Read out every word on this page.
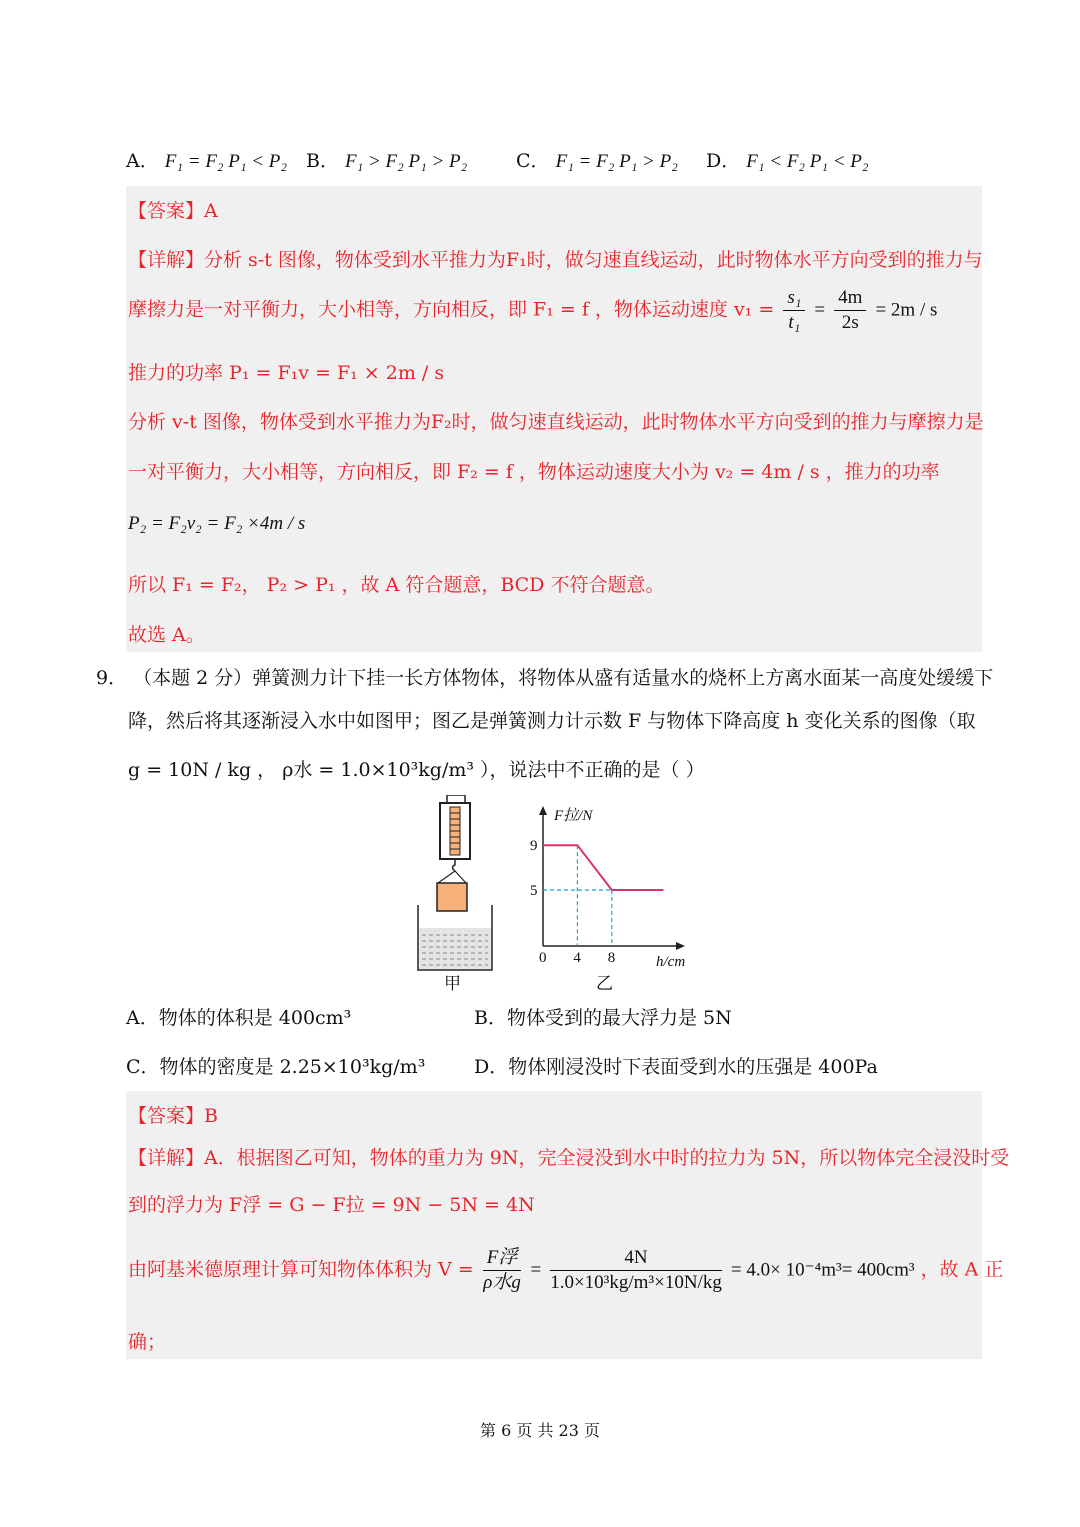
A． F₁ = F₂ P₁ < P₂ B． F₁ > F₂ P₁ > P₂	C． F₁ = F₂ P₁ > P₂ D． F₁ < F₂ P₁ < P₂
【答案】A
【详解】分析 s-t 图像，物体受到水平推力为F₁时，做匀速直线运动，此时物体水平方向受到的推力与
摩擦力是一对平衡力，大小相等，方向相反，即 F₁ = f ，物体运动速度 $v_1 = \frac{\text{s₁}}{\text{t₁}} = \frac{4m}{2s} = 2m / s$
推力的功率 P₁ = F₁v = F₁ × 2m / s
分析 v-t 图像，物体受到水平推力为F₂时，做匀速直线运动，此时物体水平方向受到的推力与摩擦力是
一对平衡力，大小相等，方向相反，即 F₂ = f ，物体运动速度大小为 v₂ = 4m / s ，推力的功率
P₂ = F₂v₂ = F₂ ×4m / s
所以 F₁ = F₂， P₂ > P₁ ，故 A 符合题意，BCD 不符合题意。
故选 A。
9． （本题 2 分）弹簧测力计下挂一长方体物体，将物体从盛有适量水的烧杯上方离水面某一高度处缓缓下
降，然后将其逐渐浸入水中如图甲；图乙是弹簧测力计示数 F 与物体下降高度 h 变化关系的图像（取
g = 10N / kg ， ρ水 = 1.0×10³kg/m³ ），说法中不正确的是（ ）
甲
F拉/N
h/cm
0 4 8
9
5
乙
A．物体的体积是 400cm³	B．物体受到的最大浮力是 5N
C．物体的密度是 2.25×10³kg/m³	D．物体刚浸没时下表面受到水的压强是 400Pa
【答案】B
【详解】A．根据图乙可知，物体的重力为 9N，完全浸没到水中时的拉力为 5N，所以物体完全浸没时受
到的浮力为 F浮 = G − F拉 = 9N − 5N = 4N
由阿基米德原理计算可知物体体积为 $V = \frac{\text{F浮}}{\text{ρ水g}} = \frac{4N}{\text{1.0×10³kg/m³×10N/kg}} = 4.0\times 10^{-4}m^3= 400cm^3$ ，故 A 正
确；
第 6 页 共 23 页
